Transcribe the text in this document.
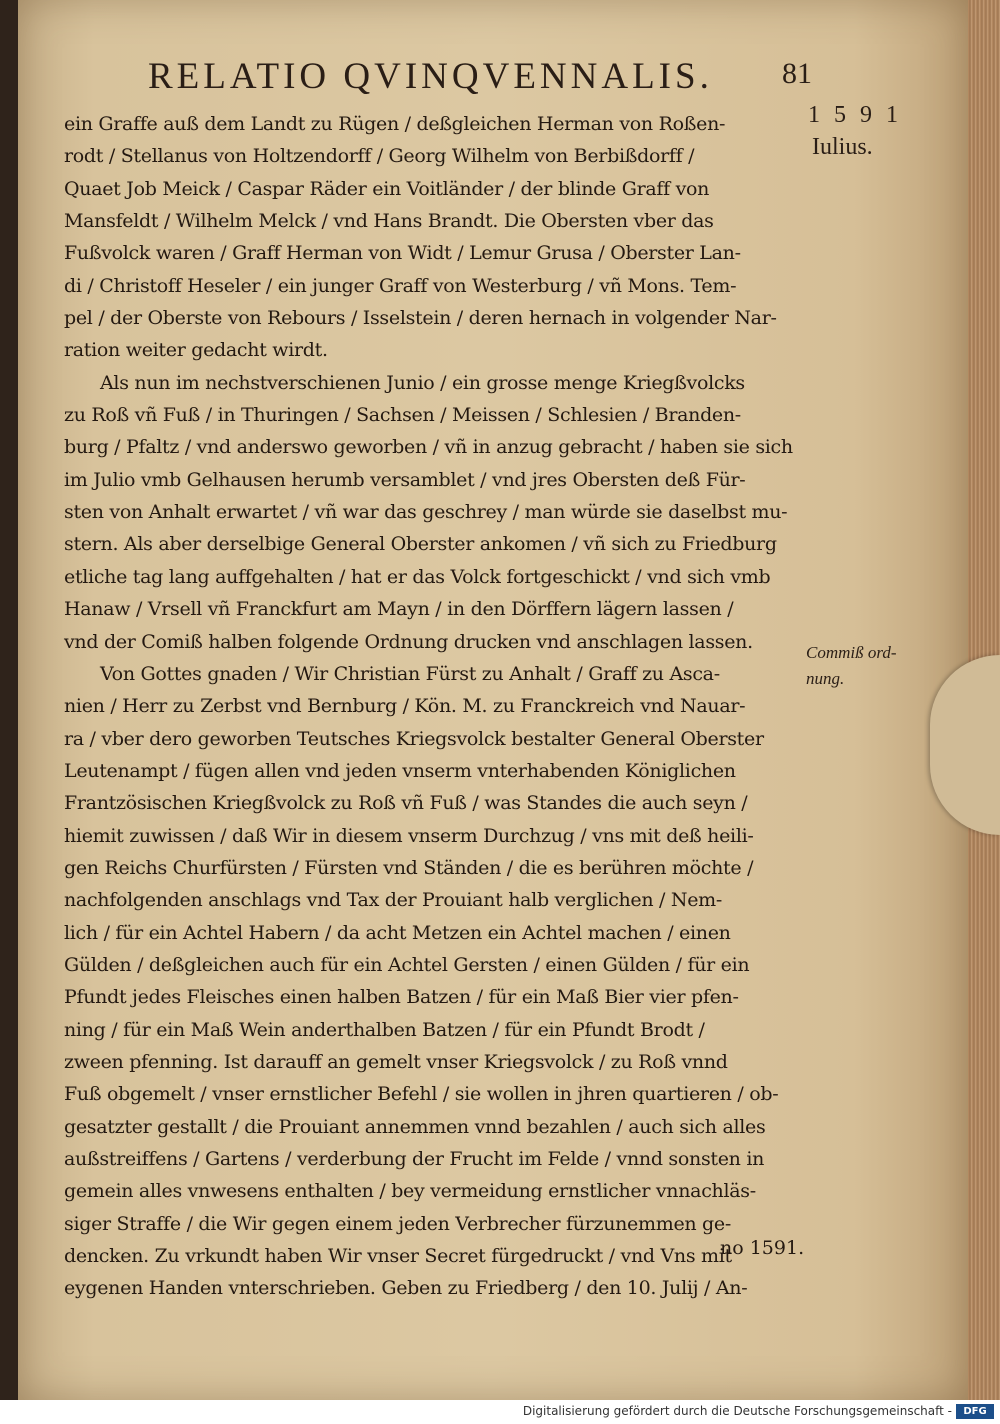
RELATIO QVINQVENNALIS. 81
1591
Iulius.
Commiß ord-
nung.
ein Graffe auß dem Landt zu Rügen / deßgleichen Herman von Roßen-
rodt / Stellanus von Holtzendorff / Georg Wilhelm von Berbißdorff /
Quaet Job Meick / Caspar Räder ein Voitländer / der blinde Graff von
Mansfeldt / Wilhelm Melck / vnd Hans Brandt. Die Obersten vber das
Fußvolck waren / Graff Herman von Widt / Lemur Grusa / Oberster Lan-
di / Christoff Heseler / ein junger Graff von Westerburg / vñ Mons. Tem-
pel / der Oberste von Rebours / Isselstein / deren hernach in volgender Nar-
ration weiter gedacht wirdt.
Als nun im nechstverschienen Junio / ein grosse menge Kriegßvolcks
zu Roß vñ Fuß / in Thuringen / Sachsen / Meissen / Schlesien / Branden-
burg / Pfaltz / vnd anderswo geworben / vñ in anzug gebracht / haben sie sich
im Julio vmb Gelhausen herumb versamblet / vnd jres Obersten deß Für-
sten von Anhalt erwartet / vñ war das geschrey / man würde sie daselbst mu-
stern. Als aber derselbige General Oberster ankomen / vñ sich zu Friedburg
etliche tag lang auffgehalten / hat er das Volck fortgeschickt / vnd sich vmb
Hanaw / Vrsell vñ Franckfurt am Mayn / in den Dörffern lägern lassen /
vnd der Comiß halben folgende Ordnung drucken vnd anschlagen lassen.
Von Gottes gnaden / Wir Christian Fürst zu Anhalt / Graff zu Asca-
nien / Herr zu Zerbst vnd Bernburg / Kön. M. zu Franckreich vnd Nauar-
ra / vber dero geworben Teutsches Kriegsvolck bestalter General Oberster
Leutenampt / fügen allen vnd jeden vnserm vnterhabenden Königlichen
Frantzösischen Kriegßvolck zu Roß vñ Fuß / was Standes die auch seyn /
hiemit zuwissen / daß Wir in diesem vnserm Durchzug / vns mit deß heili-
gen Reichs Churfürsten / Fürsten vnd Ständen / die es berühren möchte /
nachfolgenden anschlags vnd Tax der Prouiant halb verglichen / Nem-
lich / für ein Achtel Habern / da acht Metzen ein Achtel machen / einen
Gülden / deßgleichen auch für ein Achtel Gersten / einen Gülden / für ein
Pfundt jedes Fleisches einen halben Batzen / für ein Maß Bier vier pfen-
ning / für ein Maß Wein anderthalben Batzen / für ein Pfundt Brodt /
zween pfenning. Ist darauff an gemelt vnser Kriegsvolck / zu Roß vnnd
Fuß obgemelt / vnser ernstlicher Befehl / sie wollen in jhren quartieren / ob-
gesatzter gestallt / die Prouiant annemmen vnnd bezahlen / auch sich alles
außstreiffens / Gartens / verderbung der Frucht im Felde / vnnd sonsten in
gemein alles vnwesens enthalten / bey vermeidung ernstlicher vnnachläs-
siger Straffe / die Wir gegen einem jeden Verbrecher fürzunemmen ge-
dencken. Zu vrkundt haben Wir vnser Secret fürgedruckt / vnd Vns mit
eygenen Handen vnterschrieben. Geben zu Friedberg / den 10. Julij / An-
no 1591.
Digitalisierung gefördert durch die Deutsche Forschungsgemeinschaft -	DFG
